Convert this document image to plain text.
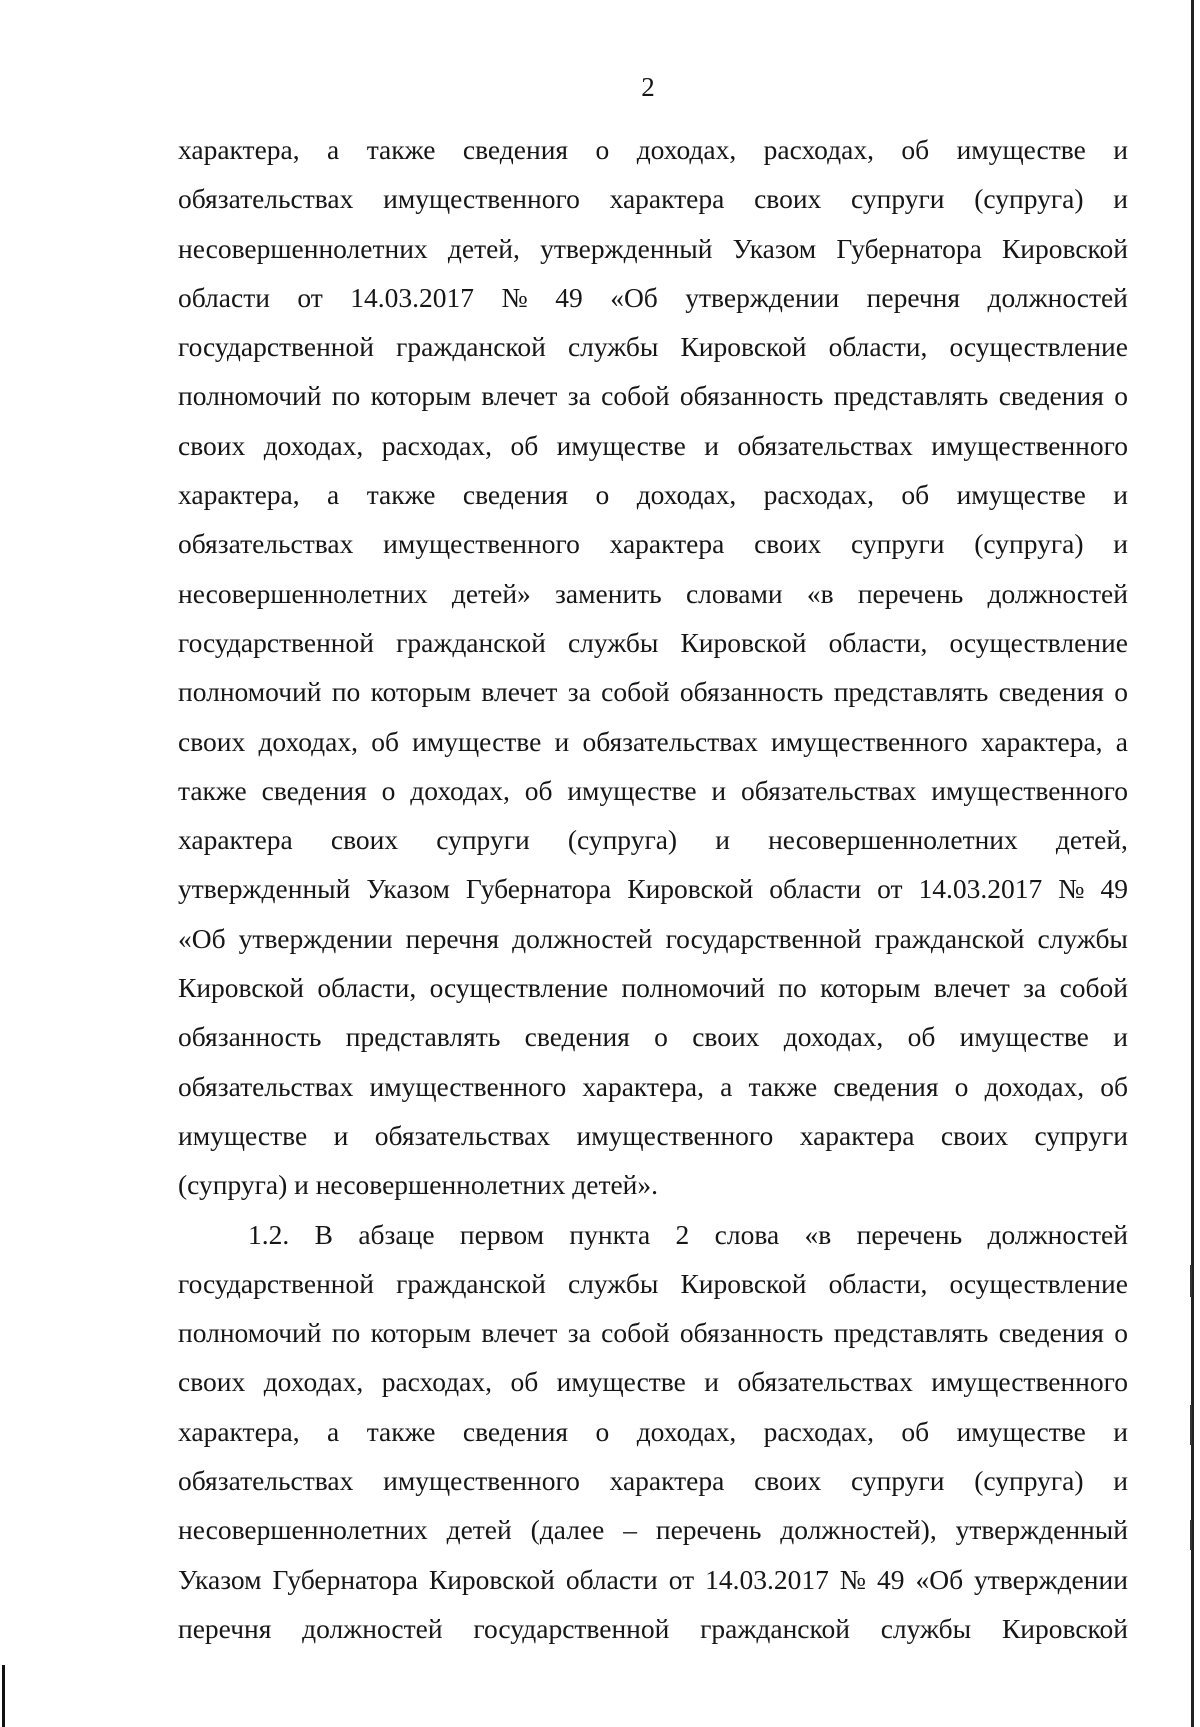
2
характера, а также сведения о доходах, расходах, об имуществе и
обязательствах имущественного характера своих супруги (супруга) и
несовершеннолетних детей, утвержденный Указом Губернатора Кировской
области от 14.03.2017 № 49 «Об утверждении перечня должностей
государственной гражданской службы Кировской области, осуществление
полномочий по которым влечет за собой обязанность представлять сведения о
своих доходах, расходах, об имуществе и обязательствах имущественного
характера, а также сведения о доходах, расходах, об имуществе и
обязательствах имущественного характера своих супруги (супруга) и
несовершеннолетних детей» заменить словами «в перечень должностей
государственной гражданской службы Кировской области, осуществление
полномочий по которым влечет за собой обязанность представлять сведения о
своих доходах, об имуществе и обязательствах имущественного характера, а
также сведения о доходах, об имуществе и обязательствах имущественного
характера своих супруги (супруга) и несовершеннолетних детей,
утвержденный Указом Губернатора Кировской области от 14.03.2017 № 49
«Об утверждении перечня должностей государственной гражданской службы
Кировской области, осуществление полномочий по которым влечет за собой
обязанность представлять сведения о своих доходах, об имуществе и
обязательствах имущественного характера, а также сведения о доходах, об
имуществе и обязательствах имущественного характера своих супруги
(супруга) и несовершеннолетних детей».
1.2. В абзаце первом пункта 2 слова «в перечень должностей
государственной гражданской службы Кировской области, осуществление
полномочий по которым влечет за собой обязанность представлять сведения о
своих доходах, расходах, об имуществе и обязательствах имущественного
характера, а также сведения о доходах, расходах, об имуществе и
обязательствах имущественного характера своих супруги (супруга) и
несовершеннолетних детей (далее – перечень должностей), утвержденный
Указом Губернатора Кировской области от 14.03.2017 № 49 «Об утверждении
перечня должностей государственной гражданской службы Кировской
